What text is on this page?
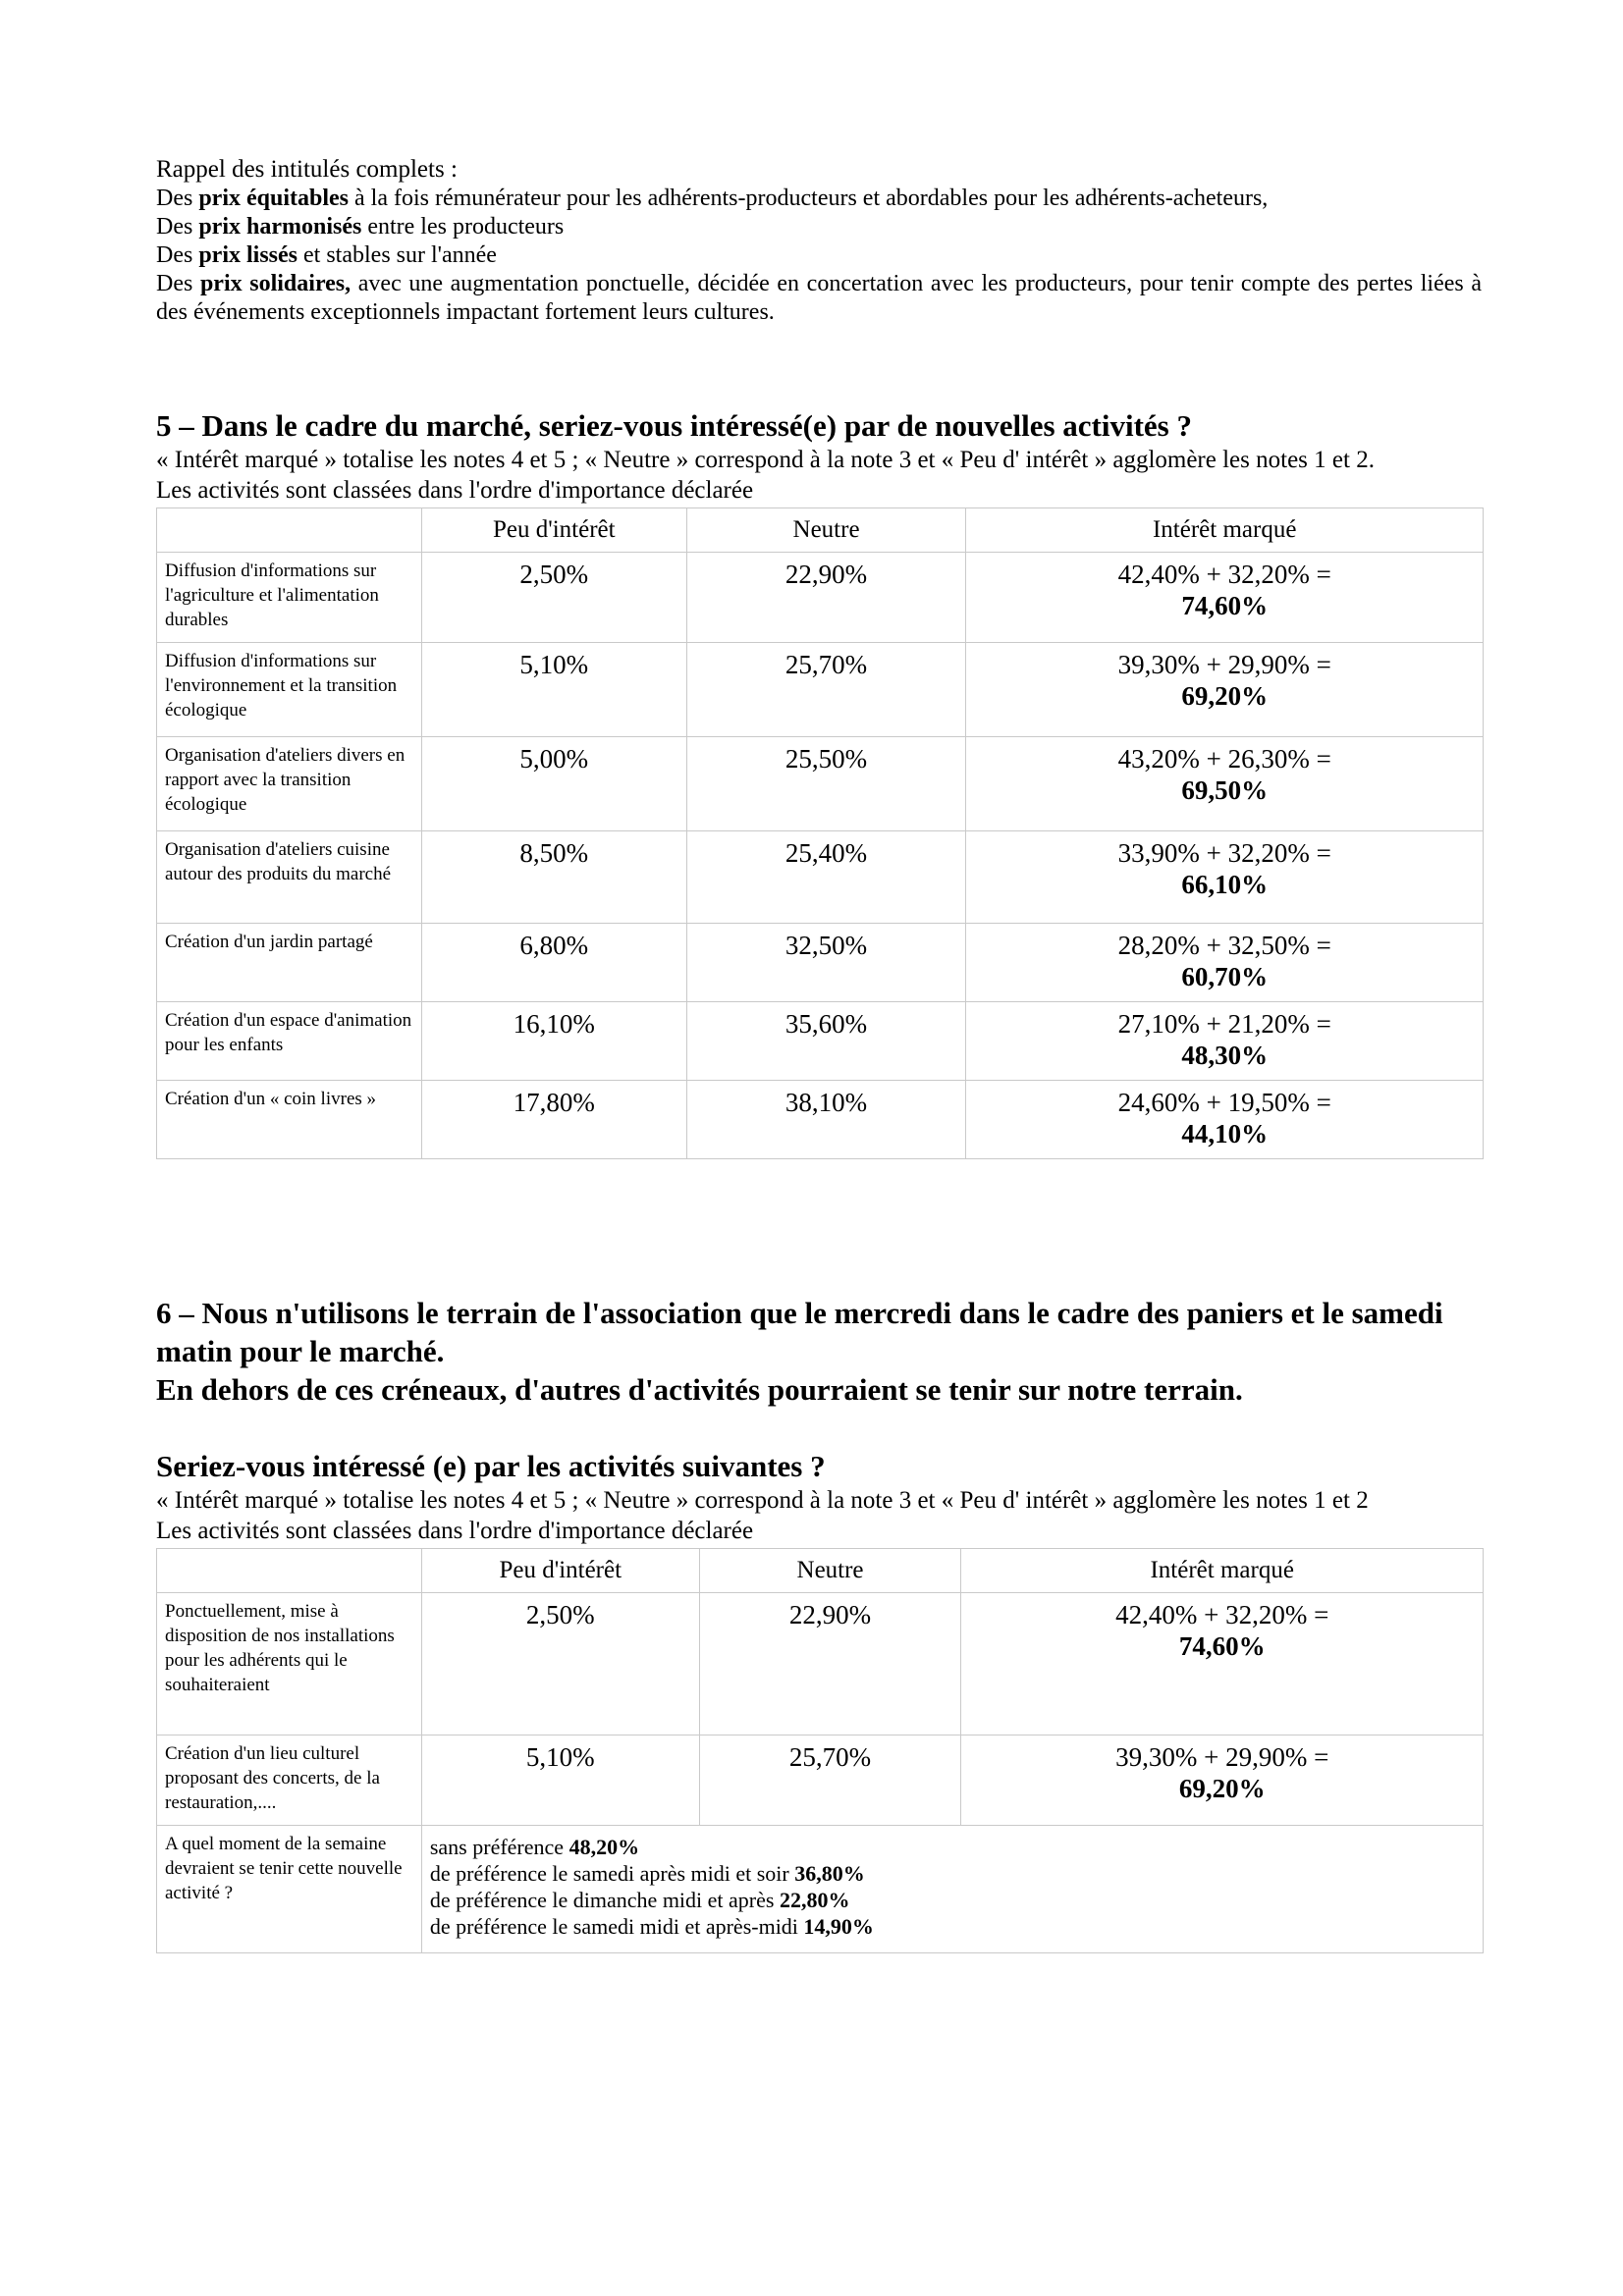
Rappel des intitulés complets :

Des prix équitables à la fois rémunérateur pour les adhérents-producteurs et abordables pour les adhérents-acheteurs,

Des prix harmonisés entre les producteurs

Des prix lissés et stables sur l'année

Des prix solidaires, avec une augmentation ponctuelle, décidée en concertation avec les producteurs, pour tenir compte des pertes liées à des événements exceptionnels impactant fortement leurs cultures.

5 – Dans le cadre du marché, seriez-vous intéressé(e) par de nouvelles activités ?

« Intérêt marqué » totalise les notes 4 et 5 ; « Neutre » correspond à la note 3 et « Peu d' intérêt » agglomère les notes 1 et 2.

Les activités sont classées dans l'ordre d'importance déclarée

	Peu d'intérêt	Neutre	Intérêt marqué
Diffusion d'informations sur l'agriculture et l'alimentation durables	2,50%	22,90%	42,40% + 32,20% =
74,60%
Diffusion d'informations sur l'environnement et la transition écologique	5,10%	25,70%	39,30% + 29,90% =
69,20%
Organisation d'ateliers divers en rapport avec la transition écologique	5,00%	25,50%	43,20% + 26,30% =
69,50%
Organisation d'ateliers cuisine autour des produits du marché	8,50%	25,40%	33,90% + 32,20% =
66,10%
Création d'un jardin partagé	6,80%	32,50%	28,20% + 32,50% =
60,70%
Création d'un espace d'animation pour les enfants	16,10%	35,60%	27,10% + 21,20% =
48,30%
Création d'un « coin livres »	17,80%	38,10%	24,60% + 19,50% =
44,10%
6 – Nous n'utilisons le terrain de l'association que le mercredi dans le cadre des paniers et le samedi matin pour le marché.
En dehors de ces créneaux, d'autres d'activités pourraient se tenir sur notre terrain.
Seriez-vous intéressé (e) par les activités suivantes ?

« Intérêt marqué » totalise les notes 4 et 5 ; « Neutre » correspond à la note 3 et « Peu d' intérêt » agglomère les notes 1 et 2

Les activités sont classées dans l'ordre d'importance déclarée

	Peu d'intérêt	Neutre	Intérêt marqué
Ponctuellement, mise à disposition de nos installations pour les adhérents qui le souhaiteraient	2,50%	22,90%	42,40% + 32,20% =
74,60%
Création d'un lieu culturel proposant des concerts, de la restauration,....	5,10%	25,70%	39,30% + 29,90% =
69,20%
A quel moment de la semaine devraient se tenir cette nouvelle activité ?	sans préférence 48,20%
de préférence le samedi après midi et soir 36,80%
de préférence le dimanche midi et après 22,80%
de préférence le samedi midi et après-midi 14,90%		
